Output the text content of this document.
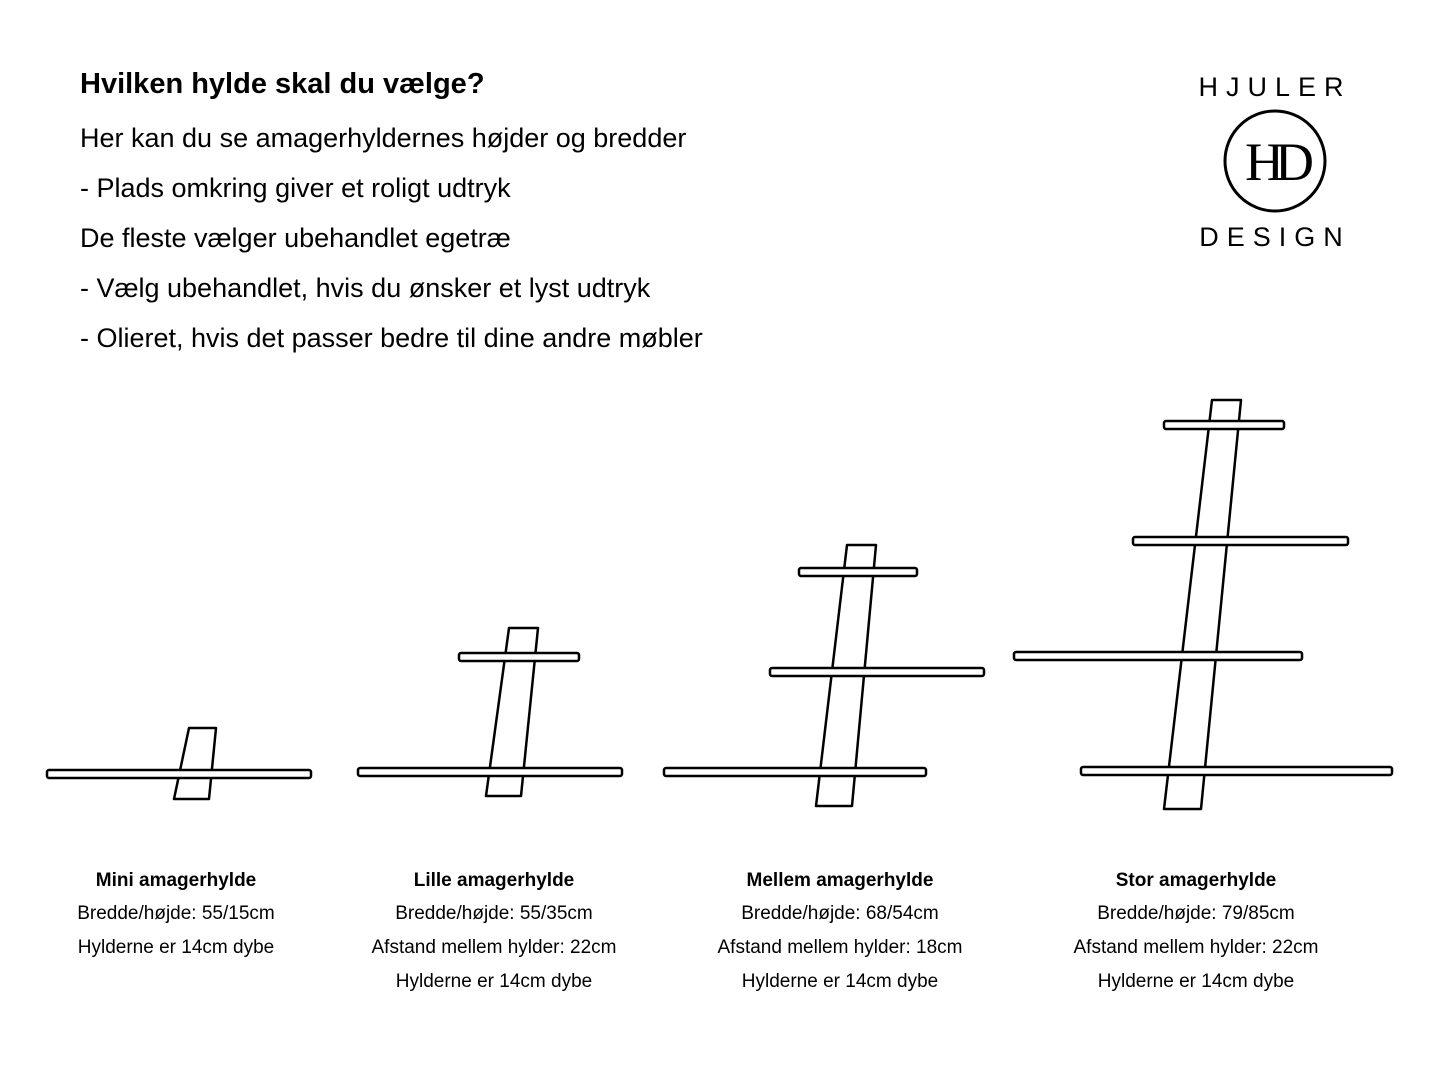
Hvilken hylde skal du vælge?
Her kan du se amagerhyldernes højder og bredder
- Plads omkring giver et roligt udtryk
De fleste vælger ubehandlet egetræ
- Vælg ubehandlet, hvis du ønsker et lyst udtryk
- Olieret, hvis det passer bedre til dine andre møbler
HJULER
HD
DESIGN
Mini amagerhylde
Bredde/højde: 55/15cm
Hylderne er 14cm dybe
Lille amagerhylde
Bredde/højde: 55/35cm
Afstand mellem hylder: 22cm
Hylderne er 14cm dybe
Mellem amagerhylde
Bredde/højde: 68/54cm
Afstand mellem hylder: 18cm
Hylderne er 14cm dybe
Stor amagerhylde
Bredde/højde: 79/85cm
Afstand mellem hylder: 22cm
Hylderne er 14cm dybe
